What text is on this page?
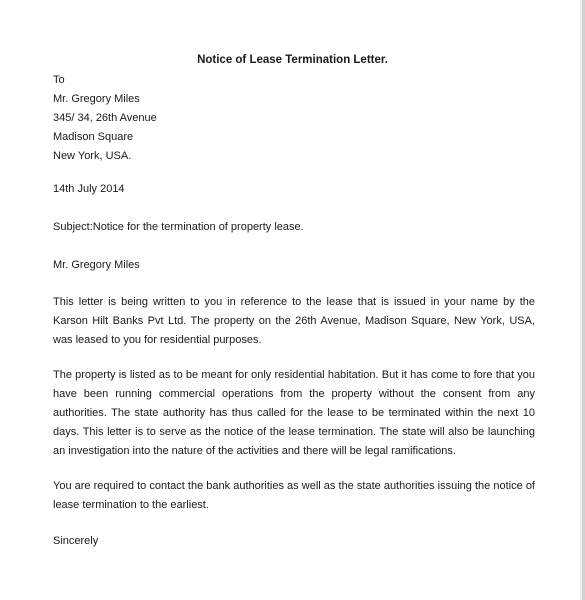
Notice of Lease Termination Letter.
To
Mr. Gregory Miles
345/ 34, 26th Avenue
Madison Square
New York, USA.
14th July 2014
Subject:Notice for the termination of property lease.
Mr. Gregory Miles
This letter is being written to you in reference to the lease that is issued in your name by the Karson Hilt Banks Pvt Ltd. The property on the 26th Avenue, Madison Square, New York, USA, was leased to you for residential purposes.
The property is listed as to be meant for only residential habitation. But it has come to fore that you have been running commercial operations from the property without the consent from any authorities. The state authority has thus called for the lease to be terminated within the next 10 days. This letter is to serve as the notice of the lease termination. The state will also be launching an investigation into the nature of the activities and there will be legal ramifications.
You are required to contact the bank authorities as well as the state authorities issuing the notice of lease termination to the earliest.
Sincerely
